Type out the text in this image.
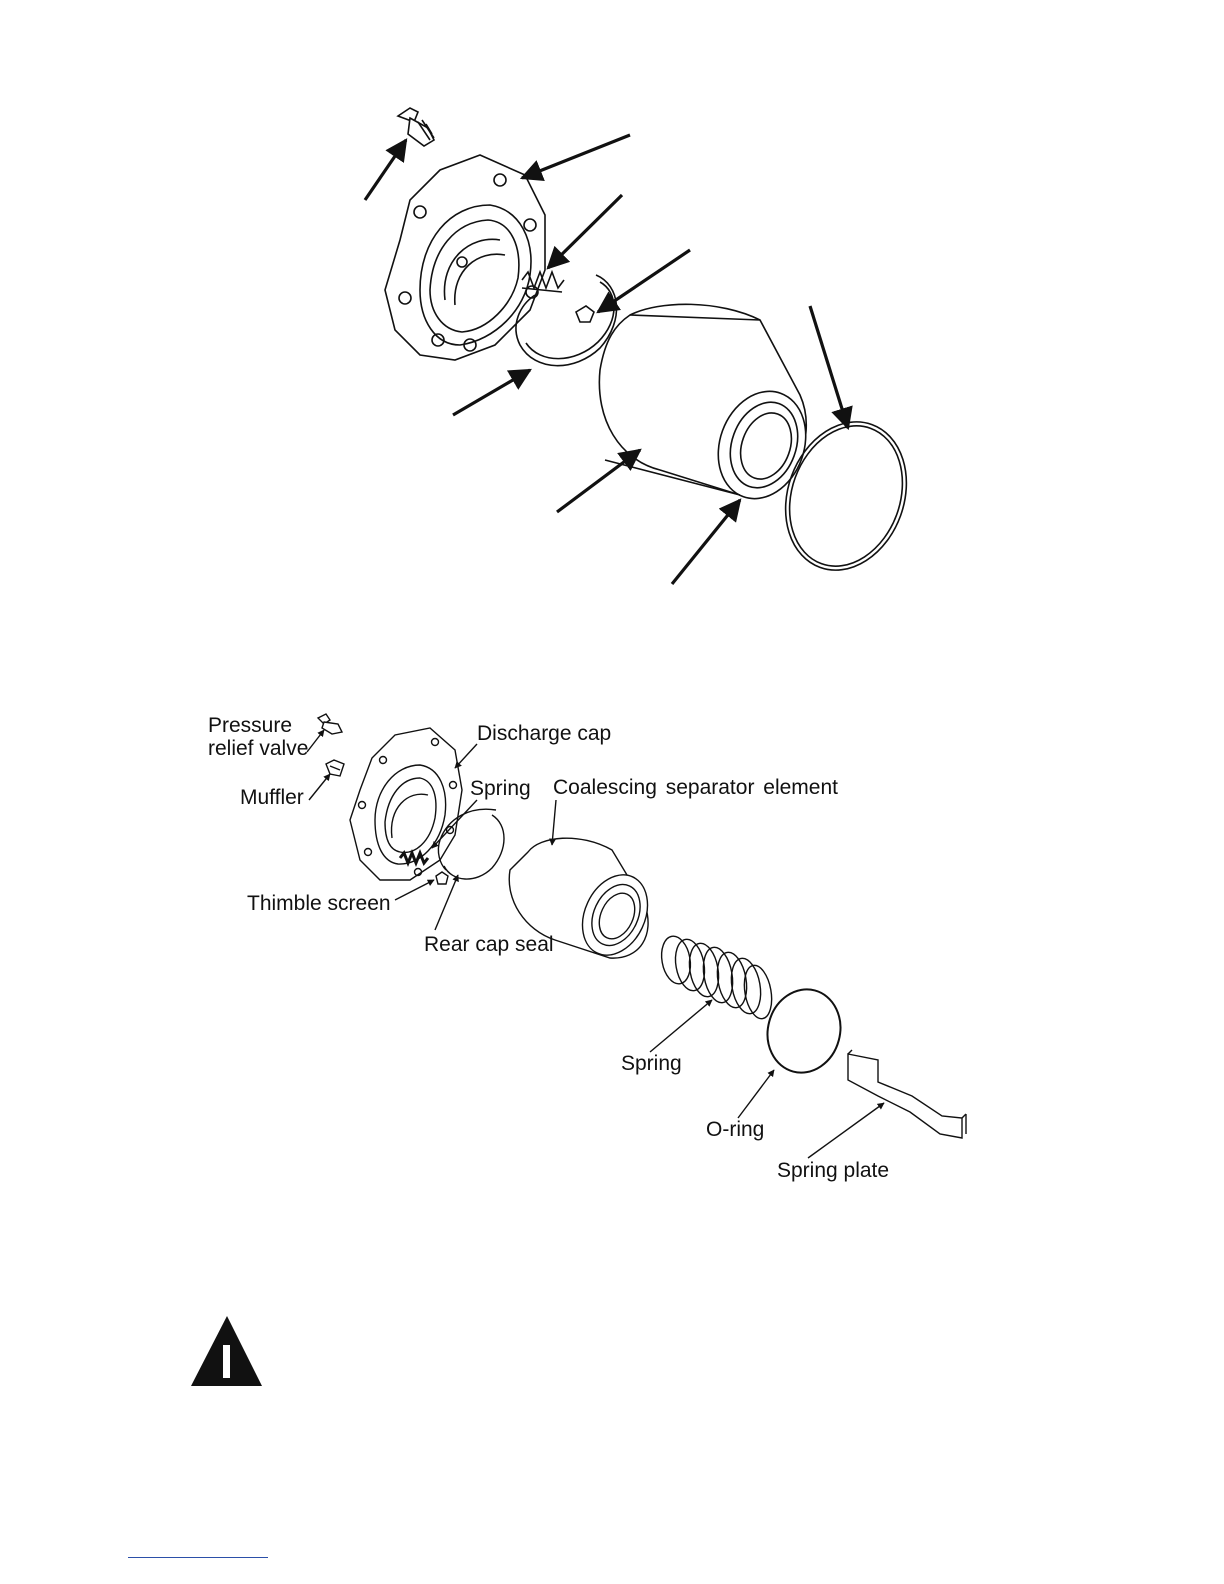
Pressure
relief valve
Muffler
Discharge cap
Spring Coalescing separator element
Thimble screen
Rear cap seal
Spring
O-ring
Spring plate
